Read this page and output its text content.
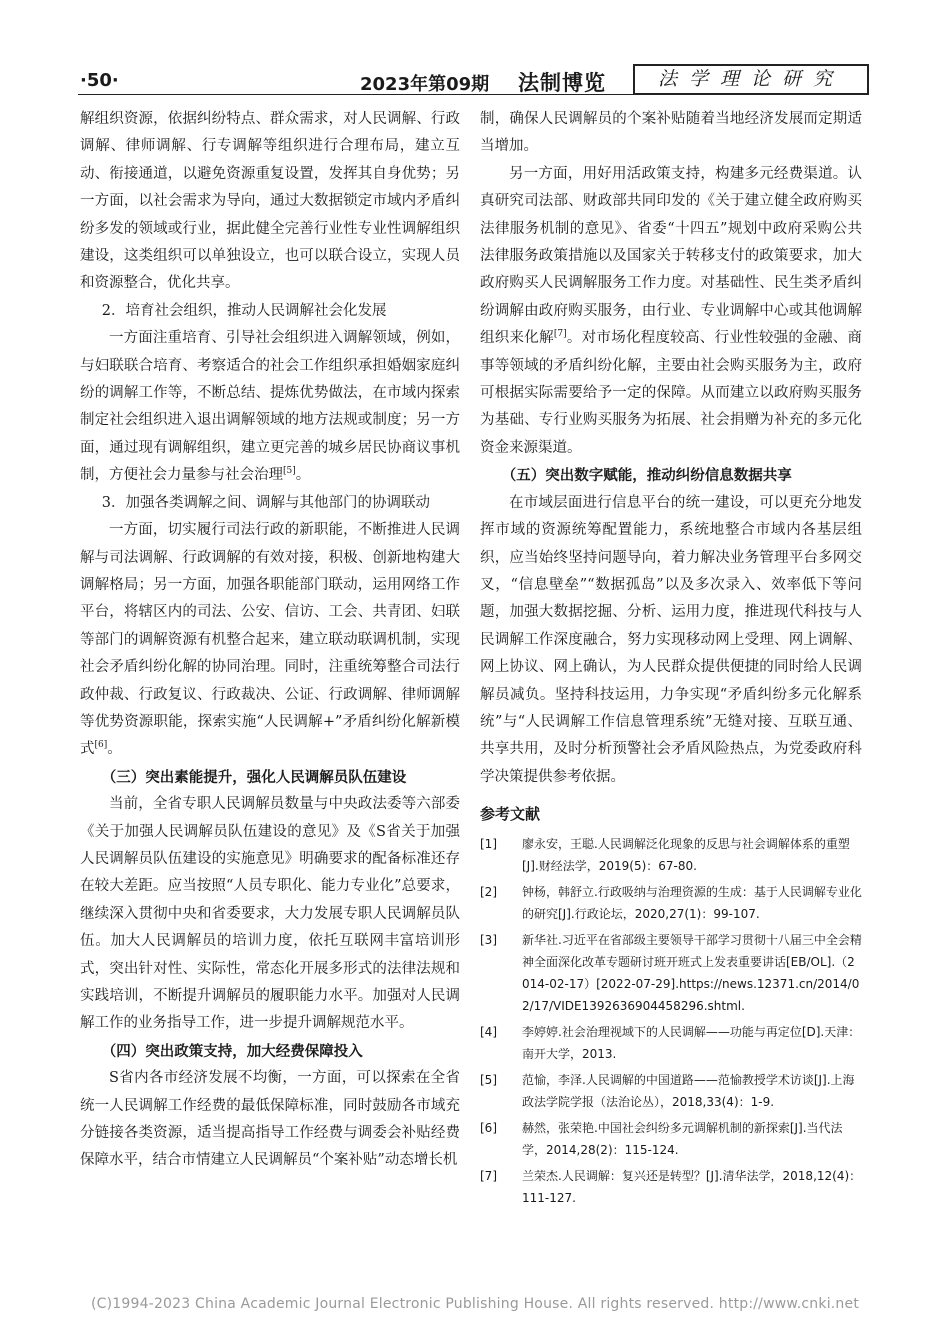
·50·	2023年第09期 法制博览	法学理论研究

解组织资源，依据纠纷特点、群众需求，对人民调解、行政调解、律师调解、行专调解等组织进行合理布局，建立互动、衔接通道，以避免资源重复设置，发挥其自身优势；另一方面，以社会需求为导向，通过大数据锁定市域内矛盾纠纷多发的领域或行业，据此健全完善行业性专业性调解组织建设，这类组织可以单独设立，也可以联合设立，实现人员和资源整合，优化共享。

2．培育社会组织，推动人民调解社会化发展

一方面注重培育、引导社会组织进入调解领域，例如，与妇联联合培育、考察适合的社会工作组织承担婚姻家庭纠纷的调解工作等，不断总结、提炼优势做法，在市域内探索制定社会组织进入退出调解领域的地方法规或制度；另一方面，通过现有调解组织，建立更完善的城乡居民协商议事机制，方便社会力量参与社会治理[5]。

3．加强各类调解之间、调解与其他部门的协调联动

一方面，切实履行司法行政的新职能，不断推进人民调解与司法调解、行政调解的有效对接，积极、创新地构建大调解格局；另一方面，加强各职能部门联动，运用网络工作平台，将辖区内的司法、公安、信访、工会、共青团、妇联等部门的调解资源有机整合起来，建立联动联调机制，实现社会矛盾纠纷化解的协同治理。同时，注重统筹整合司法行政仲裁、行政复议、行政裁决、公证、行政调解、律师调解等优势资源职能，探索实施“人民调解+”矛盾纠纷化解新模式[6]。

（三）突出素能提升，强化人民调解员队伍建设

当前，全省专职人民调解员数量与中央政法委等六部委《关于加强人民调解员队伍建设的意见》及《S省关于加强人民调解员队伍建设的实施意见》明确要求的配备标准还存在较大差距。应当按照“人员专职化、能力专业化”总要求，继续深入贯彻中央和省委要求，大力发展专职人民调解员队伍。加大人民调解员的培训力度，依托互联网丰富培训形式，突出针对性、实际性，常态化开展多形式的法律法规和实践培训，不断提升调解员的履职能力水平。加强对人民调解工作的业务指导工作，进一步提升调解规范水平。

（四）突出政策支持，加大经费保障投入

S省内各市经济发展不均衡，一方面，可以探索在全省统一人民调解工作经费的最低保障标准，同时鼓励各市域充分链接各类资源，适当提高指导工作经费与调委会补贴经费保障水平，结合市情建立人民调解员“个案补贴”动态增长机

制，确保人民调解员的个案补贴随着当地经济发展而定期适当增加。

另一方面，用好用活政策支持，构建多元经费渠道。认真研究司法部、财政部共同印发的《关于建立健全政府购买法律服务机制的意见》、省委“十四五”规划中政府采购公共法律服务政策措施以及国家关于转移支付的政策要求，加大政府购买人民调解服务工作力度。对基础性、民生类矛盾纠纷调解由政府购买服务，由行业、专业调解中心或其他调解组织来化解[7]。对市场化程度较高、行业性较强的金融、商事等领域的矛盾纠纷化解，主要由社会购买服务为主，政府可根据实际需要给予一定的保障。从而建立以政府购买服务为基础、专行业购买服务为拓展、社会捐赠为补充的多元化资金来源渠道。

（五）突出数字赋能，推动纠纷信息数据共享

在市域层面进行信息平台的统一建设，可以更充分地发挥市域的资源统筹配置能力，系统地整合市域内各基层组织，应当始终坚持问题导向，着力解决业务管理平台多网交叉，“信息壁垒”“数据孤岛”以及多次录入、效率低下等问题，加强大数据挖掘、分析、运用力度，推进现代科技与人民调解工作深度融合，努力实现移动网上受理、网上调解、网上协议、网上确认，为人民群众提供便捷的同时给人民调解员减负。坚持科技运用，力争实现“矛盾纠纷多元化解系统”与“人民调解工作信息管理系统”无缝对接、互联互通、共享共用，及时分析预警社会矛盾风险热点，为党委政府科学决策提供参考依据。

参考文献
[1]	廖永安，王聪.人民调解泛化现象的反思与社会调解体系的重塑[J].财经法学，2019(5)：67-80.
[2]	钟杨，韩舒立.行政吸纳与治理资源的生成：基于人民调解专业化的研究[J].行政论坛，2020,27(1)：99-107.
[3]	新华社.习近平在省部级主要领导干部学习贯彻十八届三中全会精神全面深化改革专题研讨班开班式上发表重要讲话[EB/OL].（2014-02-17）[2022-07-29].https://news.12371.cn/2014/02/17/VIDE1392636904458296.shtml.
[4]	李婷婷.社会治理视域下的人民调解——功能与再定位[D].天津：南开大学，2013.
[5]	范愉，李泽.人民调解的中国道路——范愉教授学术访谈[J].上海政法学院学报（法治论丛），2018,33(4)：1-9.
[6]	赫然，张荣艳.中国社会纠纷多元调解机制的新探索[J].当代法学，2014,28(2)：115-124.
[7]	兰荣杰.人民调解：复兴还是转型？[J].清华法学，2018,12(4)：111-127.
(C)1994-2023 China Academic Journal Electronic Publishing House. All rights reserved. http://www.cnki.net
